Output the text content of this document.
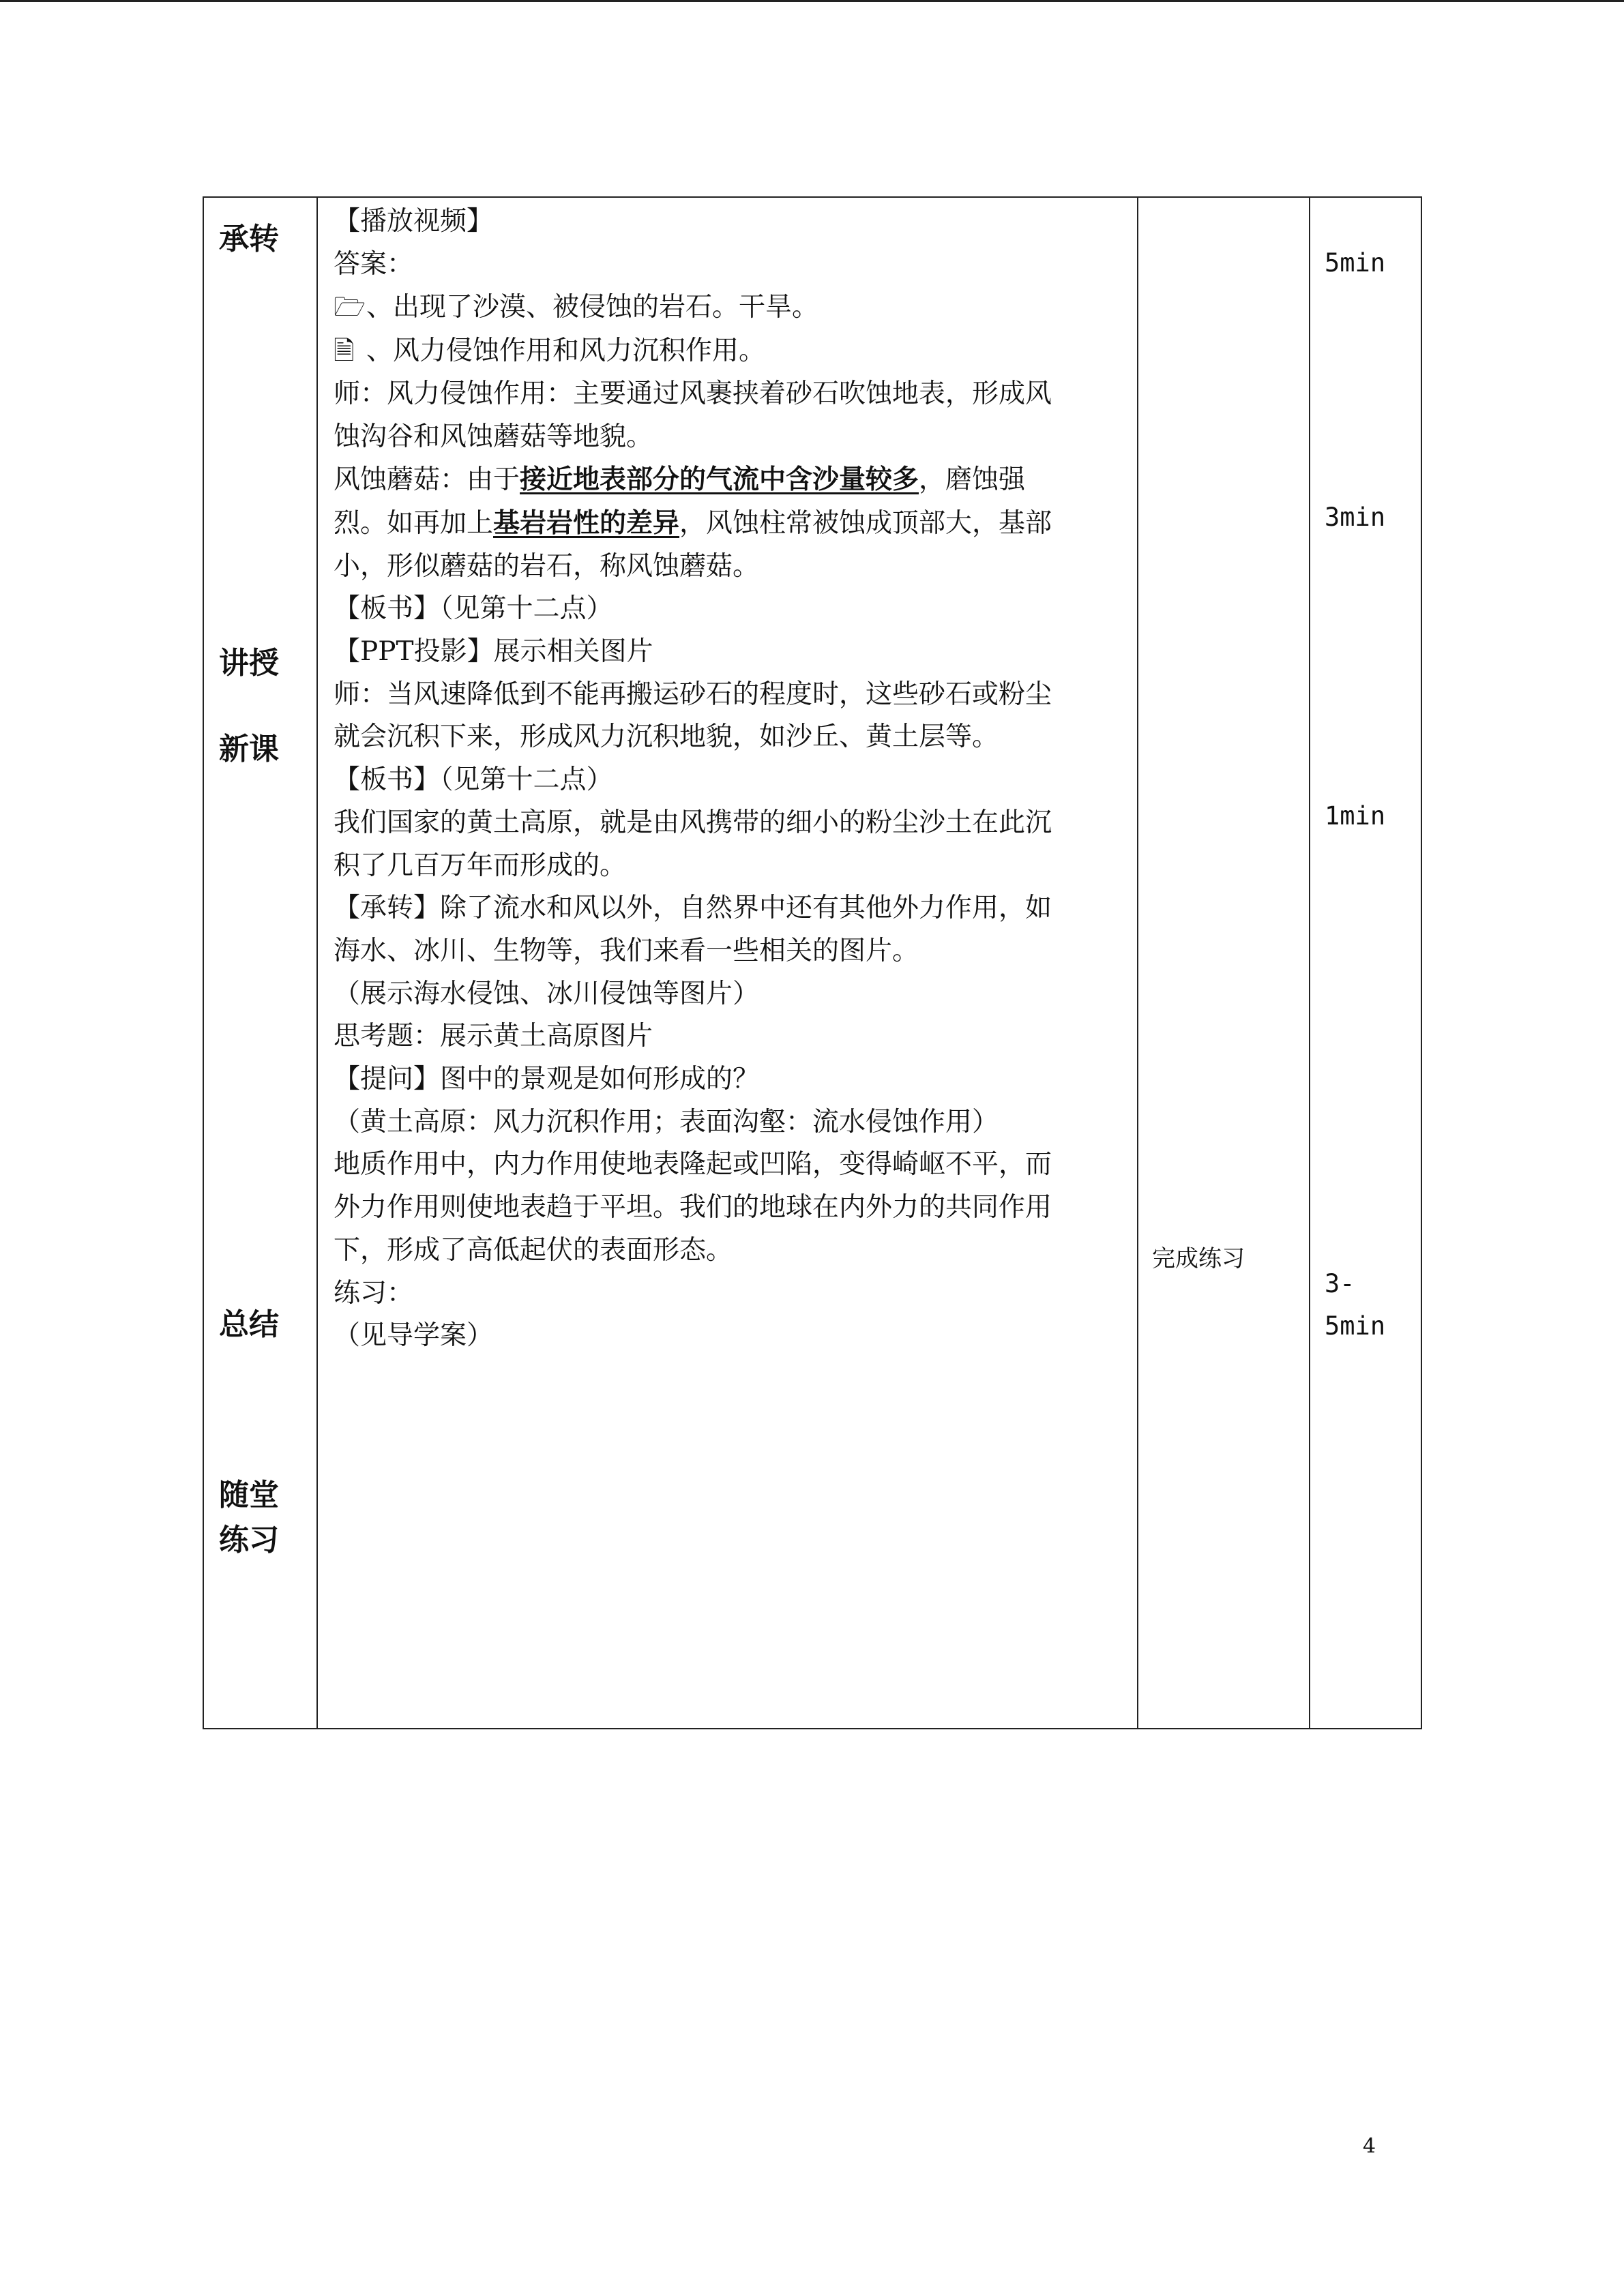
承转
讲授
新课
总结
随堂练习

【播放视频】

答案：

🗁、出现了沙漠、被侵蚀的岩石。干旱。

🗎 、风力侵蚀作用和风力沉积作用。

师：风力侵蚀作用：主要通过风裹挟着砂石吹蚀地表，形成风

蚀沟谷和风蚀蘑菇等地貌。

风蚀蘑菇：由于接近地表部分的气流中含沙量较多，磨蚀强

烈。如再加上基岩岩性的差异，风蚀柱常被蚀成顶部大，基部

小，形似蘑菇的岩石，称风蚀蘑菇。

【板书】（见第十二点）

【PPT投影】展示相关图片

师：当风速降低到不能再搬运砂石的程度时，这些砂石或粉尘

就会沉积下来，形成风力沉积地貌，如沙丘、黄土层等。

【板书】（见第十二点）

我们国家的黄土高原，就是由风携带的细小的粉尘沙土在此沉

积了几百万年而形成的。

【承转】除了流水和风以外，自然界中还有其他外力作用，如

海水、冰川、生物等，我们来看一些相关的图片。

（展示海水侵蚀、冰川侵蚀等图片）

思考题：展示黄土高原图片

【提问】图中的景观是如何形成的？

（黄土高原：风力沉积作用；表面沟壑：流水侵蚀作用）

地质作用中，内力作用使地表隆起或凹陷，变得崎岖不平，而

外力作用则使地表趋于平坦。我们的地球在内外力的共同作用

下，形成了高低起伏的表面形态。

练习：

（见导学案）

完成练习
5min
3min
1min
3-
5min
4
